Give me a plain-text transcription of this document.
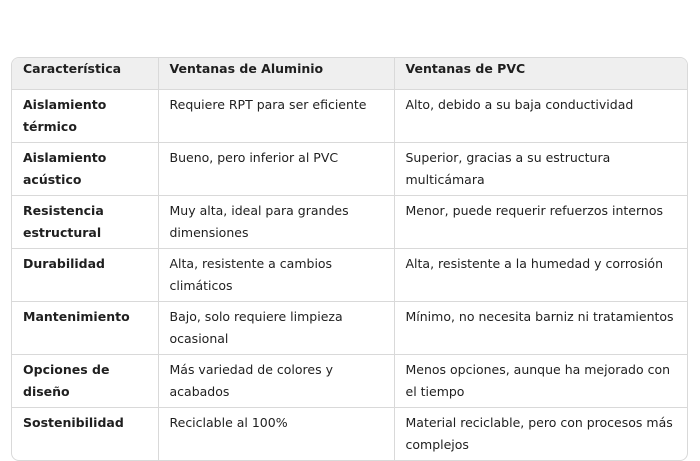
Característica	Ventanas de Aluminio	Ventanas de PVC
Aislamiento térmico	Requiere RPT para ser eficiente	Alto, debido a su baja conductividad
Aislamiento acústico	Bueno, pero inferior al PVC	Superior, gracias a su estructura multicámara
Resistencia estructural	Muy alta, ideal para grandes dimensiones	Menor, puede requerir refuerzos internos
Durabilidad	Alta, resistente a cambios climáticos	Alta, resistente a la humedad y corrosión
Mantenimiento	Bajo, solo requiere limpieza ocasional	Mínimo, no necesita barniz ni tratamientos
Opciones de diseño	Más variedad de colores y acabados	Menos opciones, aunque ha mejorado con el tiempo
Sostenibilidad	Reciclable al 100%	Material reciclable, pero con procesos más complejos
